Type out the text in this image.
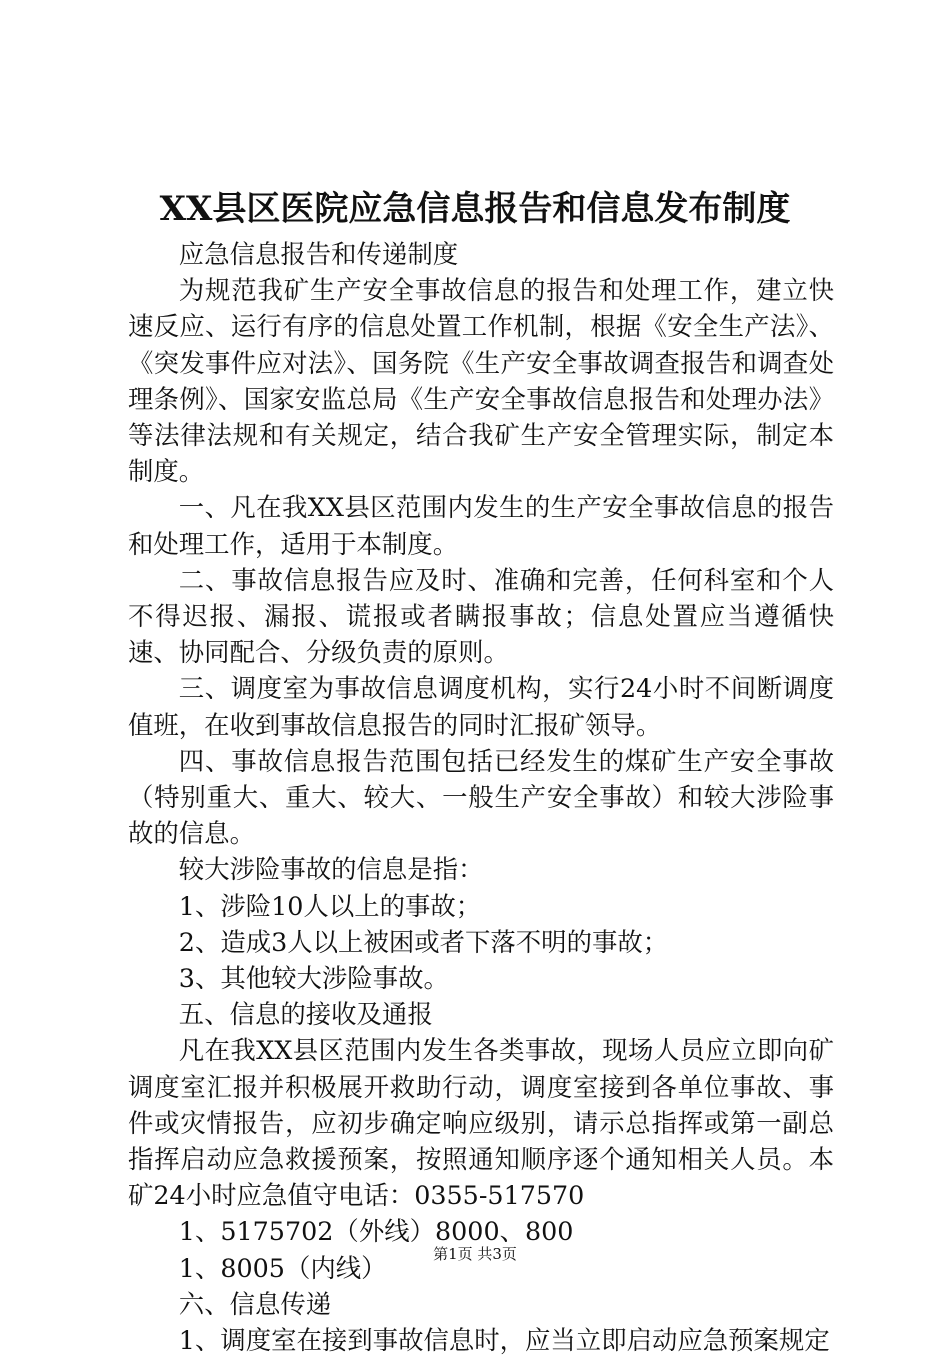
XX县区医院应急信息报告和信息发布制度

应急信息报告和传递制度

为规范我矿生产安全事故信息的报告和处理工作，建立快速反应、运行有序的信息处置工作机制，根据《安全生产法》、《突发事件应对法》、国务院《生产安全事故调查报告和调查处理条例》、国家安监总局《生产安全事故信息报告和处理办法》等法律法规和有关规定，结合我矿生产安全管理实际，制定本制度。

一、凡在我XX县区范围内发生的生产安全事故信息的报告和处理工作，适用于本制度。

二、事故信息报告应及时、准确和完善，任何科室和个人不得迟报、漏报、谎报或者瞒报事故；信息处置应当遵循快速、协同配合、分级负责的原则。

三、调度室为事故信息调度机构，实行24小时不间断调度值班，在收到事故信息报告的同时汇报矿领导。

四、事故信息报告范围包括已经发生的煤矿生产安全事故（特别重大、重大、较大、一般生产安全事故）和较大涉险事故的信息。

较大涉险事故的信息是指：

1、涉险10人以上的事故；

2、造成3人以上被困或者下落不明的事故；

3、其他较大涉险事故。

五、信息的接收及通报

凡在我XX县区范围内发生各类事故，现场人员应立即向矿调度室汇报并积极展开救助行动，调度室接到各单位事故、事件或灾情报告，应初步确定响应级别，请示总指挥或第一副总指挥启动应急救援预案，按照通知顺序逐个通知相关人员。本矿24小时应急值守电话：0355-517570

1、5175702（外线）8000、800

1、8005（内线）

六、信息传递

1、调度室在接到事故信息时，应当立即启动应急预案规定

第1页 共3页
